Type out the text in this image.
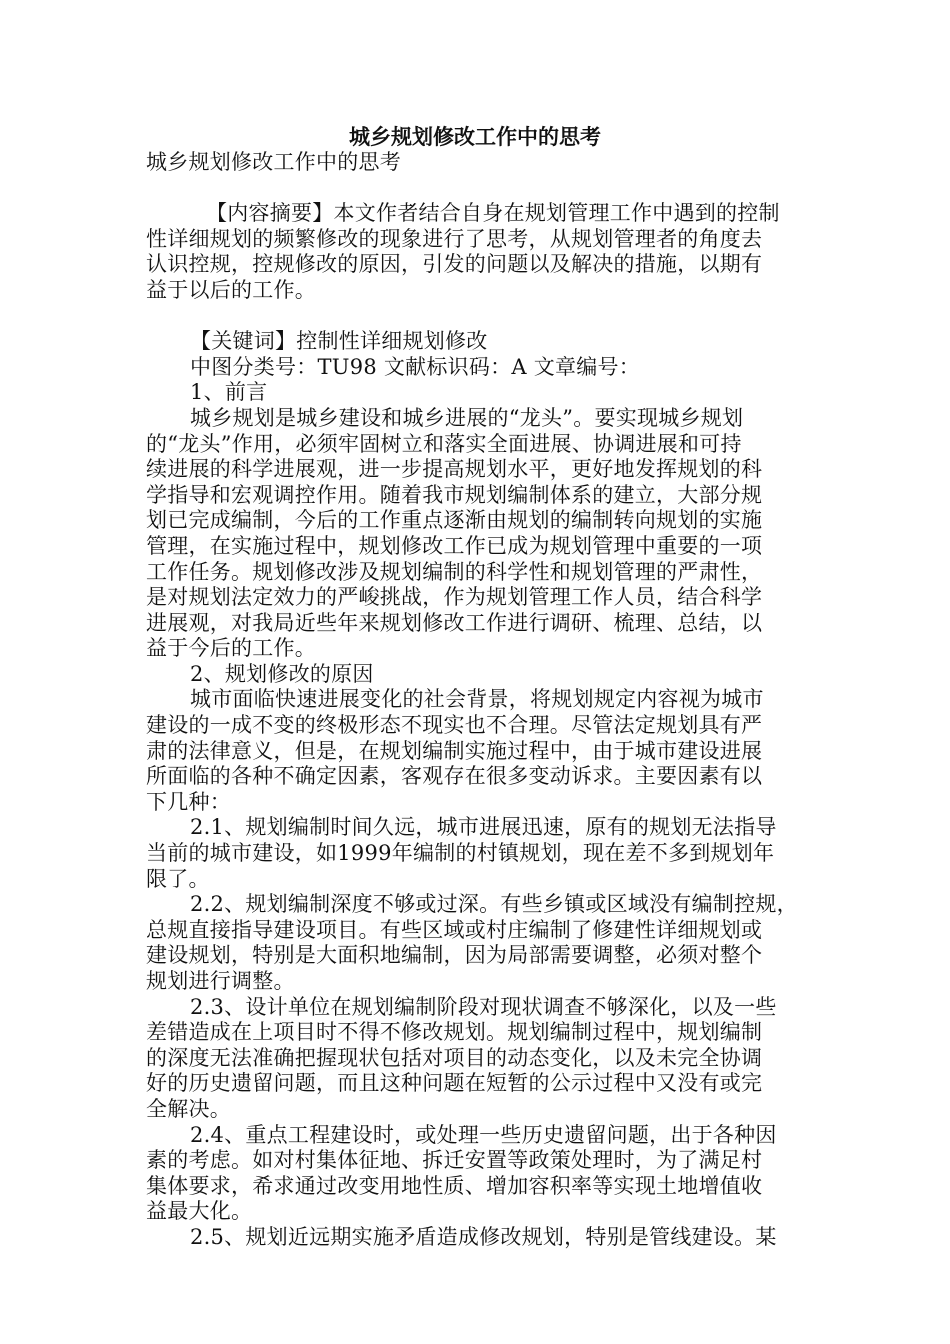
城乡规划修改工作中的思考
城乡规划修改工作中的思考
【内容摘要】本文作者结合自身在规划管理工作中遇到的控制
性详细规划的频繁修改的现象进行了思考，从规划管理者的角度去
认识控规，控规修改的原因，引发的问题以及解决的措施，以期有
益于以后的工作。
【关键词】控制性详细规划修改
中图分类号：TU98 文献标识码：A 文章编号：
1、前言
城乡规划是城乡建设和城乡进展的“龙头”。要实现城乡规划
的“龙头”作用，必须牢固树立和落实全面进展、协调进展和可持
续进展的科学进展观，进一步提高规划水平，更好地发挥规划的科
学指导和宏观调控作用。随着我市规划编制体系的建立，大部分规
划已完成编制，今后的工作重点逐渐由规划的编制转向规划的实施
管理，在实施过程中，规划修改工作已成为规划管理中重要的一项
工作任务。规划修改涉及规划编制的科学性和规划管理的严肃性，
是对规划法定效力的严峻挑战，作为规划管理工作人员，结合科学
进展观，对我局近些年来规划修改工作进行调研、梳理、总结，以
益于今后的工作。
2、规划修改的原因
城市面临快速进展变化的社会背景，将规划规定内容视为城市
建设的一成不变的终极形态不现实也不合理。尽管法定规划具有严
肃的法律意义，但是，在规划编制实施过程中，由于城市建设进展
所面临的各种不确定因素，客观存在很多变动诉求。主要因素有以
下几种：
2.1、规划编制时间久远，城市进展迅速，原有的规划无法指导
当前的城市建设，如1999年编制的村镇规划，现在差不多到规划年
限了。
2.2、规划编制深度不够或过深。有些乡镇或区域没有编制控规，
总规直接指导建设项目。有些区域或村庄编制了修建性详细规划或
建设规划，特别是大面积地编制，因为局部需要调整，必须对整个
规划进行调整。
2.3、设计单位在规划编制阶段对现状调查不够深化，以及一些
差错造成在上项目时不得不修改规划。规划编制过程中，规划编制
的深度无法准确把握现状包括对项目的动态变化，以及未完全协调
好的历史遗留问题，而且这种问题在短暂的公示过程中又没有或完
全解决。
2.4、重点工程建设时，或处理一些历史遗留问题，出于各种因
素的考虑。如对村集体征地、拆迁安置等政策处理时，为了满足村
集体要求，希求通过改变用地性质、增加容积率等实现土地增值收
益最大化。
2.5、规划近远期实施矛盾造成修改规划，特别是管线建设。某
